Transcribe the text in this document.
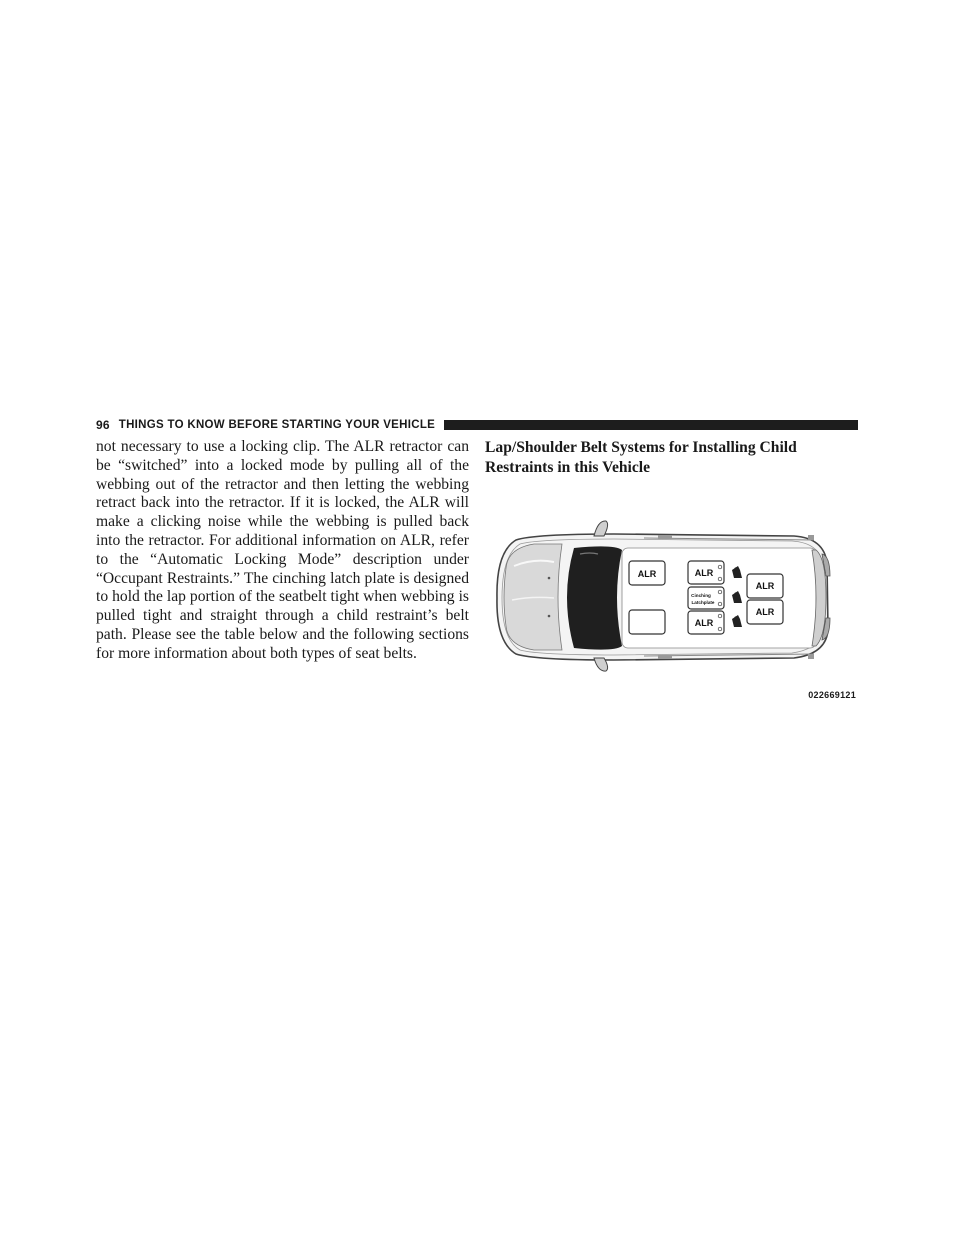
96 THINGS TO KNOW BEFORE STARTING YOUR VEHICLE
not necessary to use a locking clip. The ALR retractor can be “switched” into a locked mode by pulling all of the webbing out of the retractor and then letting the webbing retract back into the retractor. If it is locked, the ALR will make a clicking noise while the webbing is pulled back into the retractor. For additional information on ALR, refer to the “Automatic Locking Mode” description under “Occupant Restraints.” The cinching latch plate is designed to hold the lap portion of the seatbelt tight when webbing is pulled tight and straight through a child restraint’s belt path. Please see the table below and the following sections for more information about both types of seat belts.
Lap/Shoulder Belt Systems for Installing Child Restraints in this Vehicle
ALR	ALR
Cinching
Latchplate
ALR
ALR
ALR
022669121
